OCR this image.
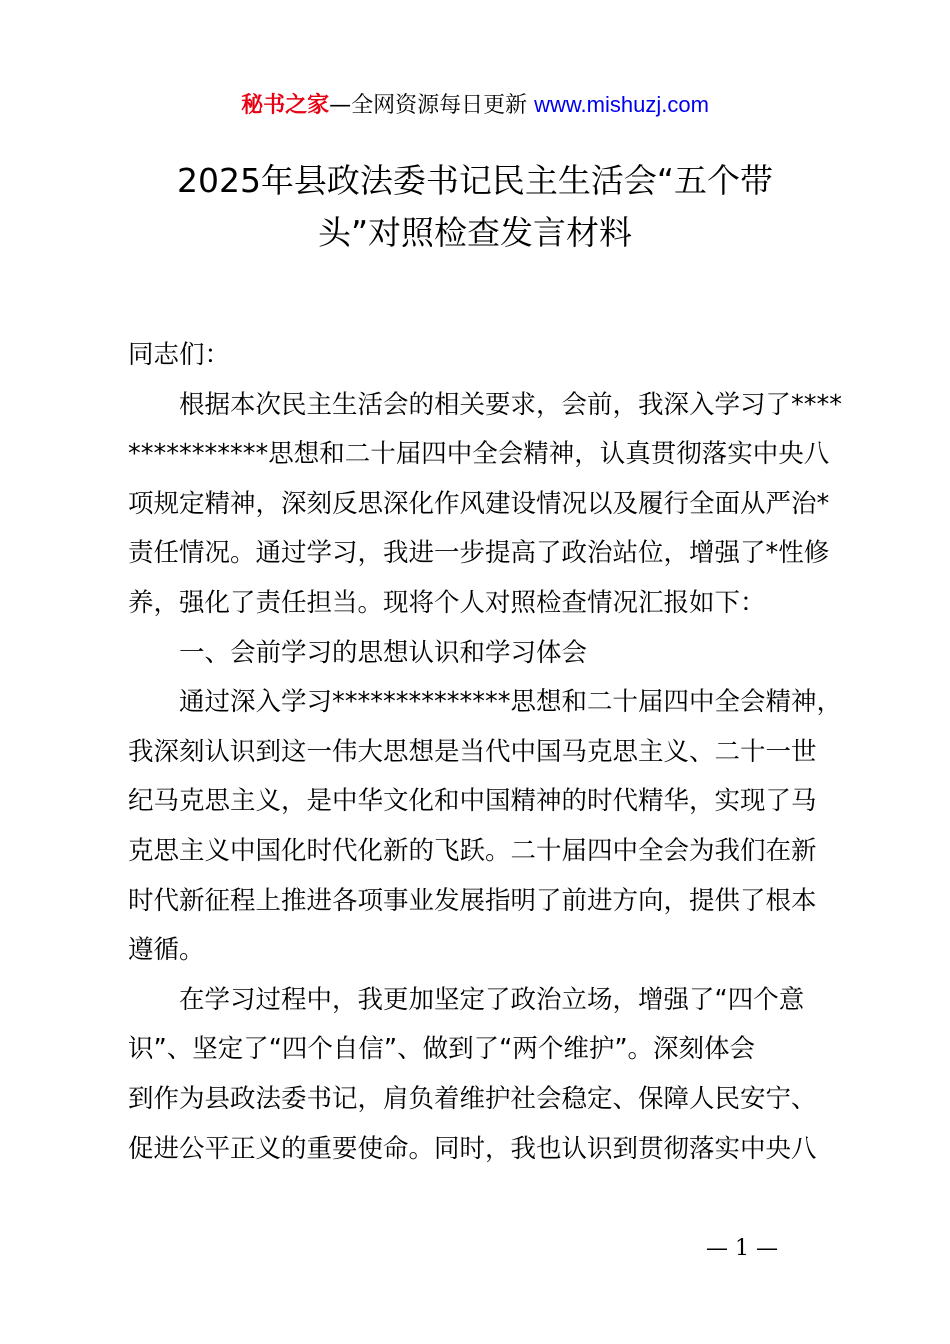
秘书之家—全网资源每日更新 www.mishuzj.com
2025年县政法委书记民主生活会“五个带
头”对照检查发言材料
同志们：
根据本次民主生活会的相关要求，会前，我深入学习了****
***********思想和二十届四中全会精神，认真贯彻落实中央八
项规定精神，深刻反思深化作风建设情况以及履行全面从严治*
责任情况。通过学习，我进一步提高了政治站位，增强了*性修
养，强化了责任担当。现将个人对照检查情况汇报如下：
一、会前学习的思想认识和学习体会
通过深入学习**************思想和二十届四中全会精神，
我深刻认识到这一伟大思想是当代中国马克思主义、二十一世
纪马克思主义，是中华文化和中国精神的时代精华，实现了马
克思主义中国化时代化新的飞跃。二十届四中全会为我们在新
时代新征程上推进各项事业发展指明了前进方向，提供了根本
遵循。
在学习过程中，我更加坚定了政治立场，增强了“四个意
识”、坚定了“四个自信”、做到了“两个维护”。深刻体会
到作为县政法委书记，肩负着维护社会稳定、保障人民安宁、
促进公平正义的重要使命。同时，我也认识到贯彻落实中央八
— 1 —
